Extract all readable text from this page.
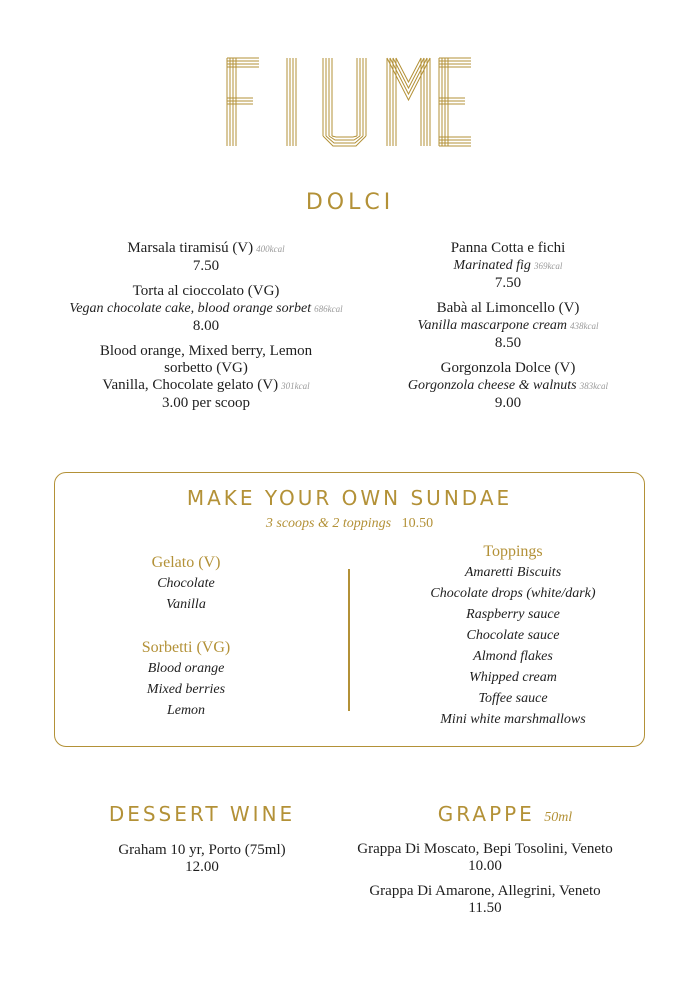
DOLCI
Marsala tiramisú (V) 400kcal
7.50
Torta al cioccolato (VG)
Vegan chocolate cake, blood orange sorbet 686kcal
8.00
Blood orange, Mixed berry, Lemon
sorbetto (VG)
Vanilla, Chocolate gelato (V) 301kcal
3.00 per scoop
Panna Cotta e fichi
Marinated fig 369kcal
7.50
Babà al Limoncello (V)
Vanilla mascarpone cream 438kcal
8.50
Gorgonzola Dolce (V)
Gorgonzola cheese & walnuts 383kcal
9.00
MAKE YOUR OWN SUNDAE
3 scoops & 2 toppings 10.50
Gelato (V)
Chocolate
Vanilla
Sorbetti (VG)
Blood orange
Mixed berries
Lemon
Toppings
Amaretti Biscuits
Chocolate drops (white/dark)
Raspberry sauce
Chocolate sauce
Almond flakes
Whipped cream
Toffee sauce
Mini white marshmallows
DESSERT WINE
Graham 10 yr, Porto (75ml)
12.00
GRAPPE 50ml
Grappa Di Moscato, Bepi Tosolini, Veneto
10.00
Grappa Di Amarone, Allegrini, Veneto
11.50
